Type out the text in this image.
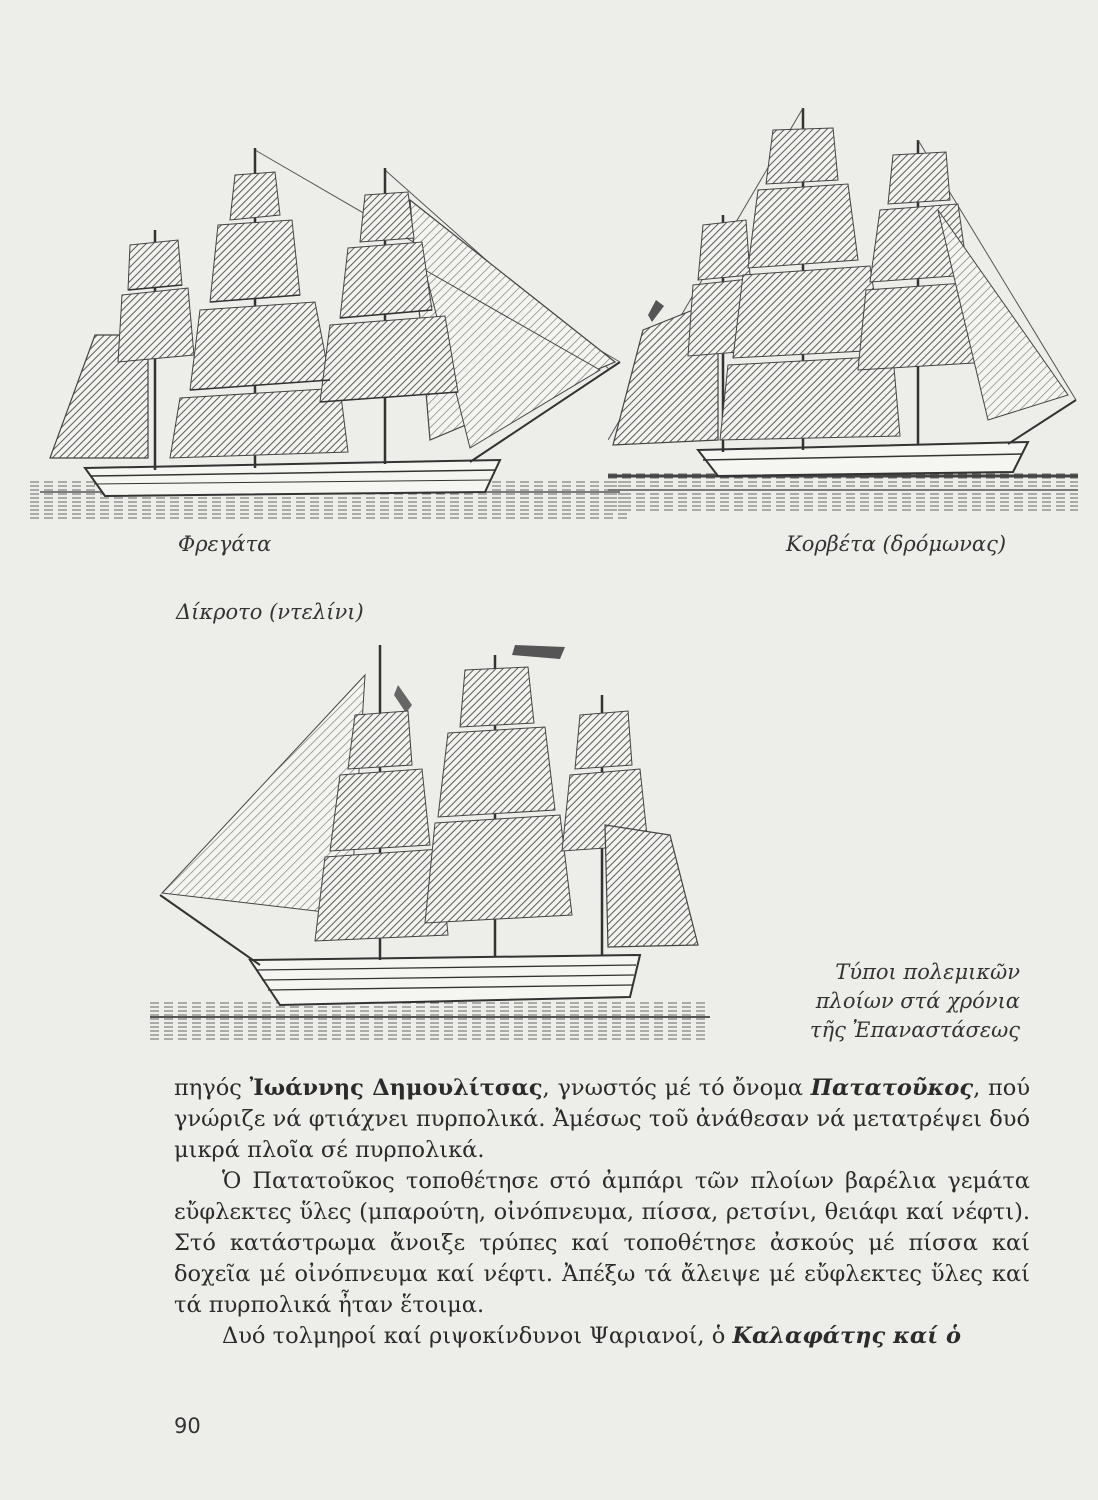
Φρεγάτα	Κορβέτα (δρόμωνας)
Δίκροτο (ντελίνι)
Τύποι πολεμικῶν
πλοίων στά χρόνια
τῆς Ἐπαναστάσεως

πηγός Ἰωάννης Δημουλίτσας, γνωστός μέ τό ὄνομα Πατατοῦκος, πού γνώριζε νά φτιάχνει πυρπολικά. Ἀμέσως τοῦ ἀνάθεσαν νά μετατρέψει δυό μικρά πλοῖα σέ πυρπολικά.

Ὁ Πατατοῦκος τοποθέτησε στό ἀμπάρι τῶν πλοίων βαρέλια γεμάτα εὔφλεκτες ὕλες (μπαρούτη, οἰνόπνευμα, πίσσα, ρετσίνι, θειάφι καί νέφτι). Στό κατάστρωμα ἄνοιξε τρύπες καί τοποθέτησε ἀσκούς μέ πίσσα καί δοχεῖα μέ οἰνόπνευμα καί νέφτι. Ἀπέξω τά ἄλειψε μέ εὔφλεκτες ὕλες καί τά πυρπολικά ἦταν ἕτοιμα.

Δυό τολμηροί καί ριψοκίνδυνοι Ψαριανοί, ὁ Καλαφάτης καί ὁ

90
